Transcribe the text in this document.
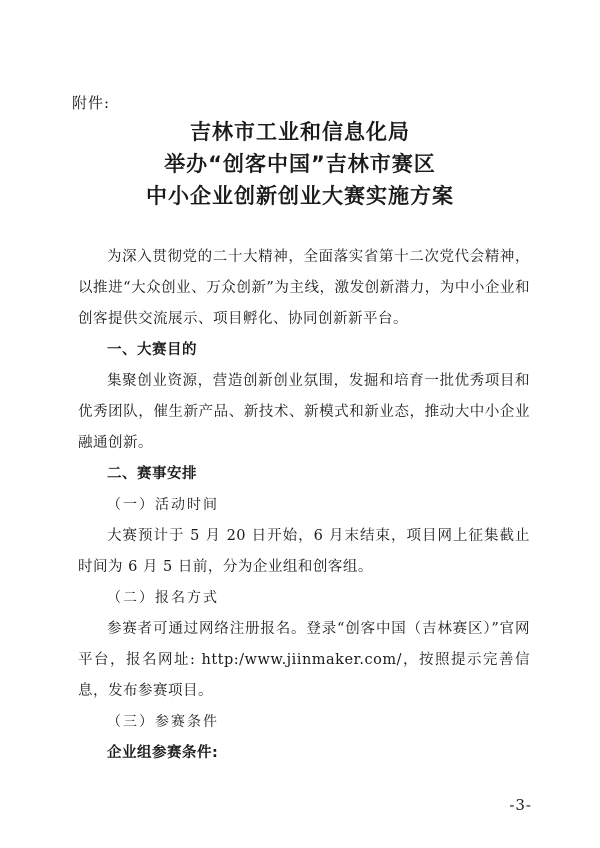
附件:
吉林市工业和信息化局
举办“创客中国”吉林市赛区
中小企业创新创业大赛实施方案

为深入贯彻党的二十大精神，全面落实省第十二次党代会精神，以推进“大众创业、万众创新”为主线，激发创新潜力，为中小企业和创客提供交流展示、项目孵化、协同创新新平台。

一、大赛目的

集聚创业资源，营造创新创业氛围，发掘和培育一批优秀项目和优秀团队，催生新产品、新技术、新模式和新业态，推动大中小企业融通创新。

二、赛事安排

（一）活动时间

大赛预计于 5 月 20 日开始，6 月末结束，项目网上征集截止时间为 6 月 5 日前，分为企业组和创客组。

（二）报名方式

参赛者可通过网络注册报名。登录“创客中国（吉林赛区）”官网平台，报名网址: http:/www.jiinmaker.com/，按照提示完善信息，发布参赛项目。

（三）参赛条件

企业组参赛条件:

-3-
